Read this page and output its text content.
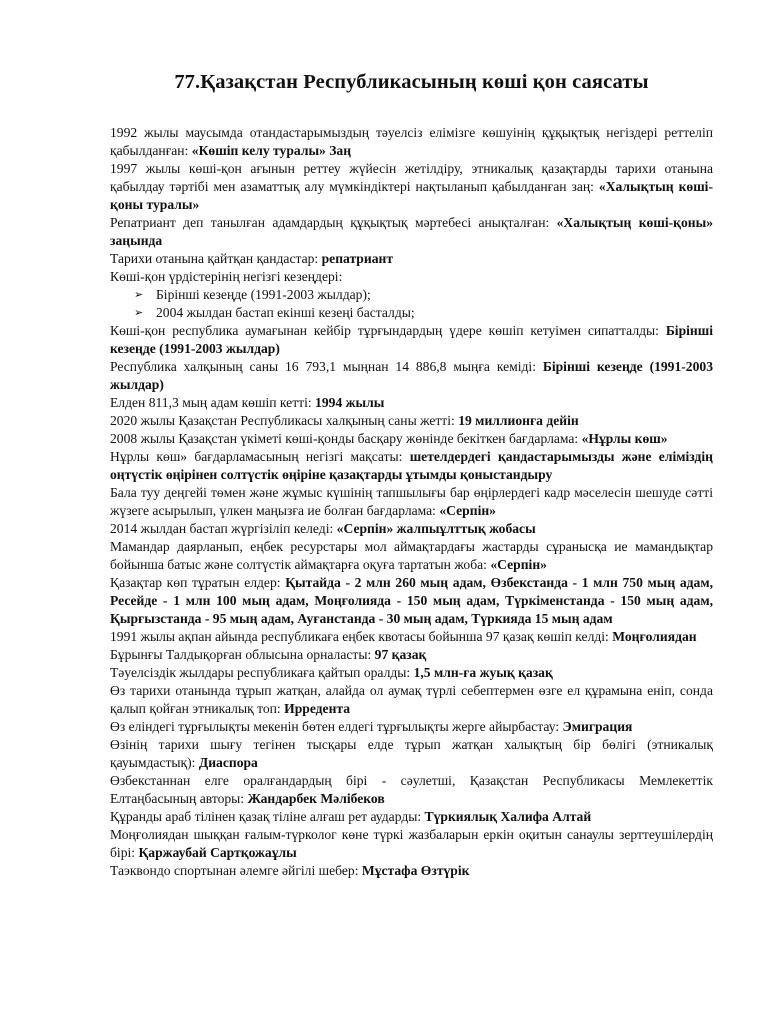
77.Қазақстан Республикасының көші қон саясаты

1992 жылы маусымда отандастарымыздың тәуелсіз елімізге көшуінің құқықтық негіздері реттеліп қабылданған: «Көшіп келу туралы» Заң

1997 жылы көші-қон ағынын реттеу жүйесін жетілдіру, этникалық қазақтарды тарихи отанына қабылдау тәртібі мен азаматтық алу мүмкіндіктері нақтыланып қабылданған заң: «Халықтың көші-қоны туралы»

Репатриант деп танылған адамдардың құқықтық мәртебесі анықталған: «Халықтың көші-қоны» заңында

Тарихи отанына қайтқан қандастар: репатриант

Көші-қон үрдістерінің негізгі кезеңдері:

➢ Бірінші кезеңде (1991-2003 жылдар);
➢ 2004 жылдан бастап екінші кезеңі басталды;

Көші-қон республика аумағынан кейбір тұрғындардың үдере көшіп кетуімен сипатталды: Бірінші кезеңде (1991-2003 жылдар)

Республика халқының саны 16 793,1 мыңнан 14 886,8 мыңға кеміді: Бірінші кезеңде (1991-2003 жылдар)

Елден 811,3 мың адам көшіп кетті: 1994 жылы

2020 жылы Қазақстан Республикасы халқының саны жетті: 19 миллионға дейін

2008 жылы Қазақстан үкіметі көші-қонды басқару жөнінде бекіткен бағдарлама: «Нұрлы көш»

Нұрлы көш» бағдарламасының негізгі мақсаты: шетелдердегі қандастарымызды және еліміздің оңтүстік өңірінен солтүстік өңіріне қазақтарды ұтымды қоныстандыру

Бала туу деңгейі төмен және жұмыс күшінің тапшылығы бар өңірлердегі кадр мәселесін шешуде сәтті жүзеге асырылып, үлкен маңызға ие болған бағдарлама: «Серпін»

2014 жылдан бастап жүргізіліп келеді: «Серпін» жалпыұлттық жобасы

Мамандар даярланып, еңбек ресурстары мол аймақтардағы жастарды сұранысқа ие мамандықтар бойынша батыс және солтүстік аймақтарға оқуға тартатын жоба: «Серпін»

Қазақтар көп тұратын елдер: Қытайда - 2 млн 260 мың адам, Өзбекстанда - 1 млн 750 мың адам, Ресейде - 1 млн 100 мың адам, Моңғолияда - 150 мың адам, Түркіменстанда - 150 мың адам, Қырғызстанда - 95 мың адам, Ауғанстанда - 30 мың адам, Түркияда 15 мың адам

1991 жылы ақпан айында республикаға еңбек квотасы бойынша 97 қазақ көшіп келді: Моңғолиядан

Бұрынғы Талдықорған облысына орналасты: 97 қазақ

Тәуелсіздік жылдары республикаға қайтып оралды: 1,5 млн-ға жуық қазақ

Өз тарихи отанында тұрып жатқан, алайда ол аумақ түрлі себептермен өзге ел құрамына еніп, сонда қалып қойған этникалық топ: Ирредента

Өз еліндегі тұрғылықты мекенін бөтен елдегі тұрғылықты жерге айырбастау: Эмиграция

Өзінің тарихи шығу тегінен тысқары елде тұрып жатқан халықтың бір бөлігі (этникалық қауымдастық): Диаспора

Өзбекстаннан елге оралғандардың бірі - сәулетші, Қазақстан Республикасы Мемлекеттік Елтаңбасының авторы: Жандарбек Мәлібеков

Құранды араб тілінен қазақ тіліне алғаш рет аударды: Түркиялық Халифа Алтай

Моңғолиядан шыққан ғалым-түрколог көне түркі жазбаларын еркін оқитын санаулы зерттеушілердің бірі: Қаржаубай Сартқожаұлы

Таэквондо спортынан әлемге әйгілі шебер: Мұстафа Өзтүрік
